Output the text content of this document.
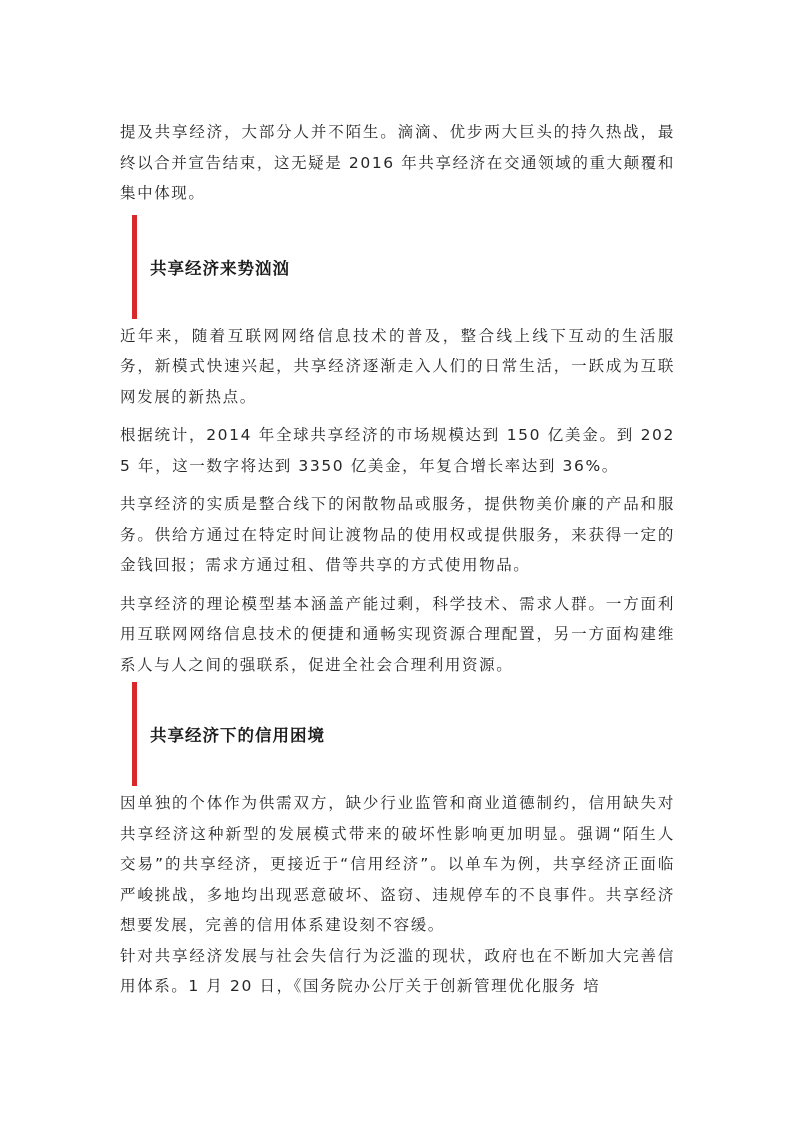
提及共享经济，大部分人并不陌生。滴滴、优步两大巨头的持久热战，最终以合并宣告结束，这无疑是 2016 年共享经济在交通领域的重大颠覆和集中体现。

共享经济来势汹汹

近年来，随着互联网网络信息技术的普及，整合线上线下互动的生活服务，新模式快速兴起，共享经济逐渐走入人们的日常生活，一跃成为互联网发展的新热点。

根据统计，2014 年全球共享经济的市场规模达到 150 亿美金。到 2025 年，这一数字将达到 3350 亿美金，年复合增长率达到 36%。

共享经济的实质是整合线下的闲散物品或服务，提供物美价廉的产品和服务。供给方通过在特定时间让渡物品的使用权或提供服务，来获得一定的金钱回报；需求方通过租、借等共享的方式使用物品。

共享经济的理论模型基本涵盖产能过剩，科学技术、需求人群。一方面利用互联网网络信息技术的便捷和通畅实现资源合理配置，另一方面构建维系人与人之间的强联系，促进全社会合理利用资源。

共享经济下的信用困境

因单独的个体作为供需双方，缺少行业监管和商业道德制约，信用缺失对共享经济这种新型的发展模式带来的破坏性影响更加明显。强调“陌生人交易”的共享经济，更接近于“信用经济”。以单车为例，共享经济正面临严峻挑战，多地均出现恶意破坏、盗窃、违规停车的不良事件。共享经济想要发展，完善的信用体系建设刻不容缓。

针对共享经济发展与社会失信行为泛滥的现状，政府也在不断加大完善信用体系。1 月 20 日，《国务院办公厅关于创新管理优化服务 培
